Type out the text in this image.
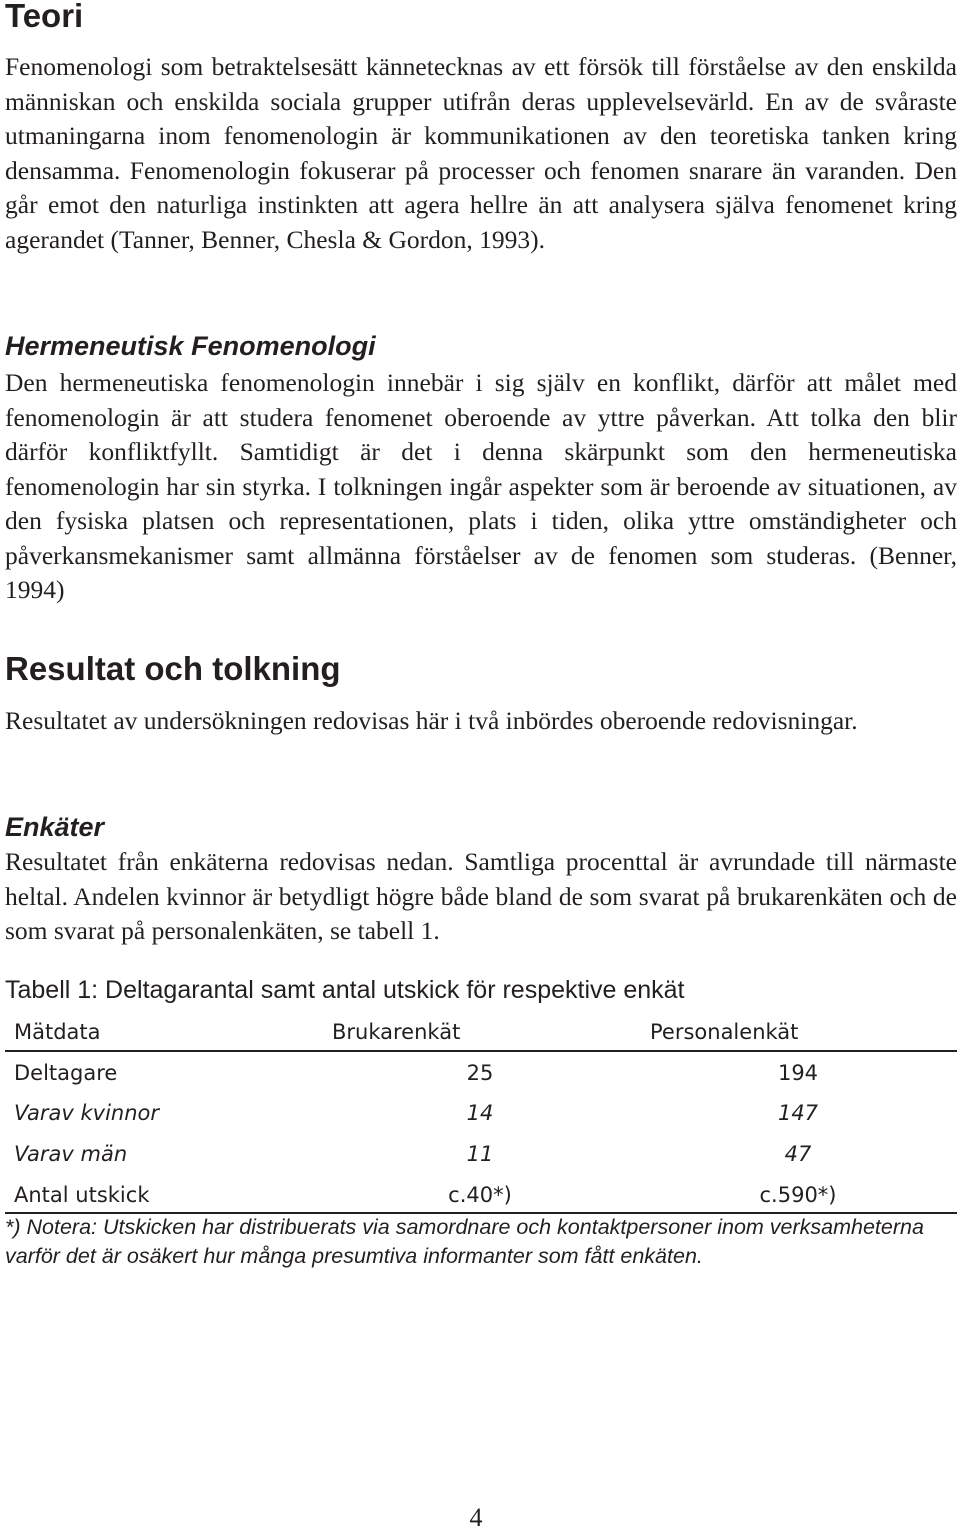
Teori
Fenomenologi som betraktelsesätt kännetecknas av ett försök till förståelse av den enskilda människan och enskilda sociala grupper utifrån deras upplevelsevärld. En av de svåraste utmaningarna inom fenomenologin är kommunikationen av den teoretiska tanken kring densamma. Fenomenologin fokuserar på processer och fenomen snarare än varanden. Den går emot den naturliga instinkten att agera hellre än att analysera själva fenomenet kring agerandet (Tanner, Benner, Chesla & Gordon, 1993).
Hermeneutisk Fenomenologi
Den hermeneutiska fenomenologin innebär i sig själv en konflikt, därför att målet med fenomenologin är att studera fenomenet oberoende av yttre påverkan. Att tolka den blir därför konfliktfyllt. Samtidigt är det i denna skärpunkt som den hermeneutiska fenomenologin har sin styrka. I tolkningen ingår aspekter som är beroende av situationen, av den fysiska platsen och representationen, plats i tiden, olika yttre omständigheter och påverkansmekanismer samt allmänna förståelser av de fenomen som studeras. (Benner, 1994)
Resultat och tolkning
Resultatet av undersökningen redovisas här i två inbördes oberoende redovisningar.
Enkäter
Resultatet från enkäterna redovisas nedan. Samtliga procenttal är avrundade till närmaste heltal. Andelen kvinnor är betydligt högre både bland de som svarat på brukarenkäten och de som svarat på personalenkäten, se tabell 1.
Tabell 1: Deltagarantal samt antal utskick för respektive enkät
Mätdata	Brukarenkät	Personalenkät
Deltagare	25	194
Varav kvinnor	14	147
Varav män	11	47
Antal utskick	c.40*)	c.590*)
*) Notera: Utskicken har distribuerats via samordnare och kontaktpersoner inom verksamheterna varför det är osäkert hur många presumtiva informanter som fått enkäten.
4
